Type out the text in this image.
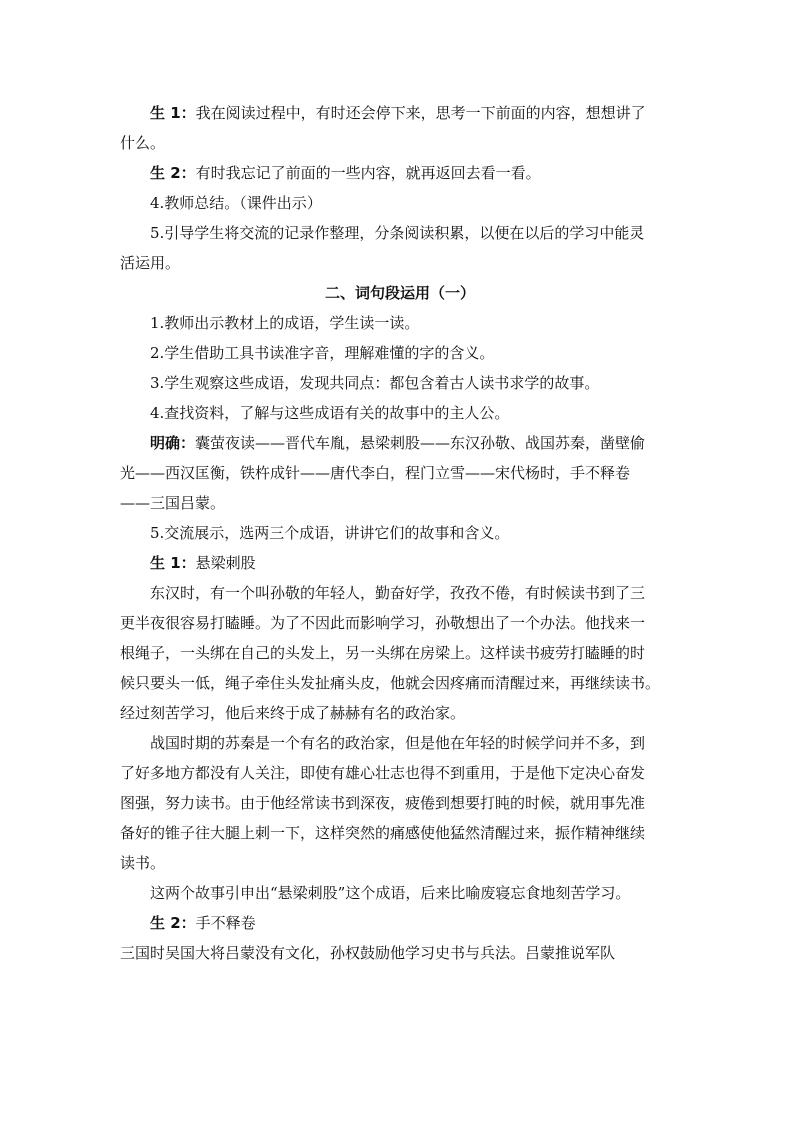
生 1：我在阅读过程中，有时还会停下来，思考一下前面的内容，想想讲了
什么。
生 2：有时我忘记了前面的一些内容，就再返回去看一看。
4.教师总结。（课件出示）
5.引导学生将交流的记录作整理，分条阅读积累，以便在以后的学习中能灵
活运用。
二、词句段运用（一）
1.教师出示教材上的成语，学生读一读。
2.学生借助工具书读准字音，理解难懂的字的含义。
3.学生观察这些成语，发现共同点：都包含着古人读书求学的故事。
4.查找资料，了解与这些成语有关的故事中的主人公。
明确：囊萤夜读——晋代车胤，悬梁刺股——东汉孙敬、战国苏秦，凿壁偷
光——西汉匡衡，铁杵成针——唐代李白，程门立雪——宋代杨时，手不释卷
——三国吕蒙。
5.交流展示，选两三个成语，讲讲它们的故事和含义。
生 1：悬梁刺股
东汉时，有一个叫孙敬的年轻人，勤奋好学，孜孜不倦，有时候读书到了三
更半夜很容易打瞌睡。为了不因此而影响学习，孙敬想出了一个办法。他找来一
根绳子，一头绑在自己的头发上，另一头绑在房梁上。这样读书疲劳打瞌睡的时
候只要头一低，绳子牵住头发扯痛头皮，他就会因疼痛而清醒过来，再继续读书。
经过刻苦学习，他后来终于成了赫赫有名的政治家。
战国时期的苏秦是一个有名的政治家，但是他在年轻的时候学问并不多，到
了好多地方都没有人关注，即使有雄心壮志也得不到重用，于是他下定决心奋发
图强，努力读书。由于他经常读书到深夜，疲倦到想要打盹的时候，就用事先准
备好的锥子往大腿上刺一下，这样突然的痛感使他猛然清醒过来，振作精神继续
读书。
这两个故事引申出“悬梁刺股”这个成语，后来比喻废寝忘食地刻苦学习。
生 2：手不释卷
三国时吴国大将吕蒙没有文化，孙权鼓励他学习史书与兵法。吕蒙推说军队
